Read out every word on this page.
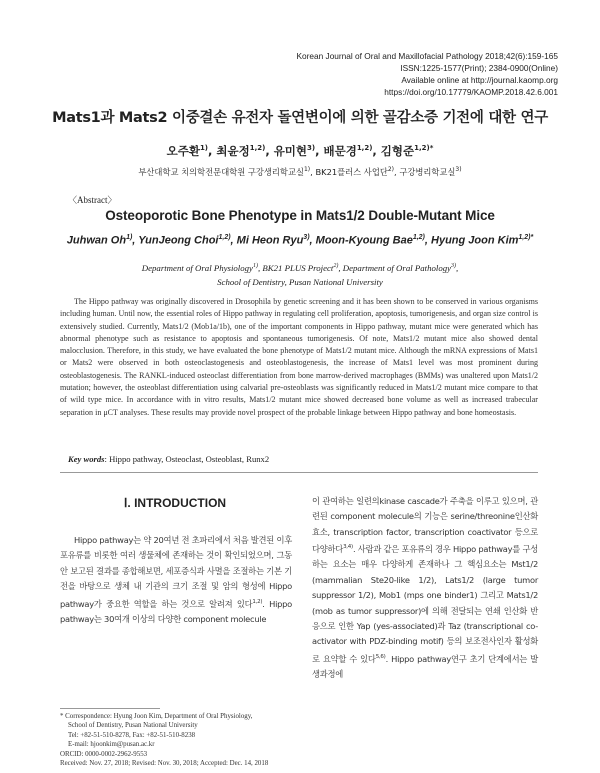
Korean Journal of Oral and Maxillofacial Pathology 2018;42(6):159-165
ISSN:1225-1577(Print); 2384-0900(Online)
Available online at http://journal.kaomp.org
https://doi.org/10.17779/KAOMP.2018.42.6.001
Mats1과 Mats2 이중결손 유전자 돌연변이에 의한 골감소증 기전에 대한 연구
오주환$^{1)}$, 최윤정$^{1,2)}$, 유미현$^{3)}$, 배문경$^{1,2)}$, 김형준$^{1,2)*}$
부산대학교 치의학전문대학원 구강생리학교실$^{1)}$, BK21플러스 사업단$^{2)}$, 구강병리학교실$^{3)}$
〈Abstract〉
Osteoporotic Bone Phenotype in Mats1/2 Double-Mutant Mice
Juhwan Oh$^{1)}$, YunJeong Choi$^{1,2)}$, Mi Heon Ryu$^{3)}$, Moon-Kyoung Bae$^{1,2)}$, Hyung Joon Kim$^{1,2)*}$
Department of Oral Physiology$^{1)}$, BK21 PLUS Project$^{2)}$, Department of Oral Pathology$^{3)}$,
School of Dentistry, Pusan National University

The Hippo pathway was originally discovered in Drosophila by genetic screening and it has been shown to be conserved in various organisms including human. Until now, the essential roles of Hippo pathway in regulating cell proliferation, apoptosis, tumorigenesis, and organ size control is extensively studied. Currently, Mats1/2 (Mob1a/1b), one of the important components in Hippo pathway, mutant mice were generated which has abnormal phenotype such as resistance to apoptosis and spontaneous tumorigenesis. Of note, Mats1/2 mutant mice also showed dental malocclusion. Therefore, in this study, we have evaluated the bone phenotype of Mats1/2 mutant mice. Although the mRNA expressions of Mats1 or Mats2 were observed in both osteoclastogenesis and osteoblastogenesis, the increase of Mats1 level was most prominent during osteoblastogenesis. The RANKL-induced osteoclast differentiation from bone marrow-derived macrophages (BMMs) was unaltered upon Mats1/2 mutation; however, the osteoblast differentiation using calvarial pre-osteoblasts was significantly reduced in Mats1/2 mutant mice compare to that of wild type mice. In accordance with in vitro results, Mats1/2 mutant mice showed decreased bone volume as well as increased trabecular separation in μCT analyses. These results may provide novel prospect of the probable linkage between Hippo pathway and bone homeostasis.

Key words: Hippo pathway, Osteoclast, Osteoblast, Runx2
Ⅰ. INTRODUCTION

Hippo pathway는 약 20여년 전 초파리에서 처음 발견된 이후 포유류를 비롯한 여러 생물체에 존재하는 것이 확인되었으며, 그동안 보고된 결과를 종합해보면, 세포증식과 사멸을 조절하는 기본 기전을 바탕으로 생체 내 기관의 크기 조절 및 암의 형성에 Hippo pathway가 중요한 역할을 하는 것으로 알려져 있다$^{1,2)}$. Hippo pathway는 30여개 이상의 다양한 component molecule

이 관여하는 일련의kinase cascade가 주축을 이루고 있으며, 관련된 component molecule의 기능은 serine/threonine인산화효소, transcription factor, transcription coactivator 등으로 다양하다$^{3,4)}$. 사람과 같은 포유류의 경우 Hippo pathway를 구성하는 요소는 매우 다양하게 존재하나 그 핵심요소는 Mst1/2 (mammalian Ste20-like 1/2), Lats1/2 (large tumor suppressor 1/2), Mob1 (mps one binder1) 그리고 Mats1/2 (mob as tumor suppressor)에 의해 전달되는 연쇄 인산화 반응으로 인한 Yap (yes-associated)과 Taz (transcriptional co-activator with PDZ-binding motif) 등의 보조전사인자 활성화로 요약할 수 있다$^{5,6)}$. Hippo pathway연구 초기 단계에서는 발생과정에

* Correspondence: Hyung Joon Kim, Department of Oral Physiology,
School of Dentistry, Pusan National University
Tel: +82-51-510-8278, Fax: +82-51-510-8238
E-mail: hjoonkim@pusan.ac.kr
ORCID: 0000-0002-2962-9553
Received: Nov. 27, 2018; Revised: Nov. 30, 2018; Accepted: Dec. 14, 2018
